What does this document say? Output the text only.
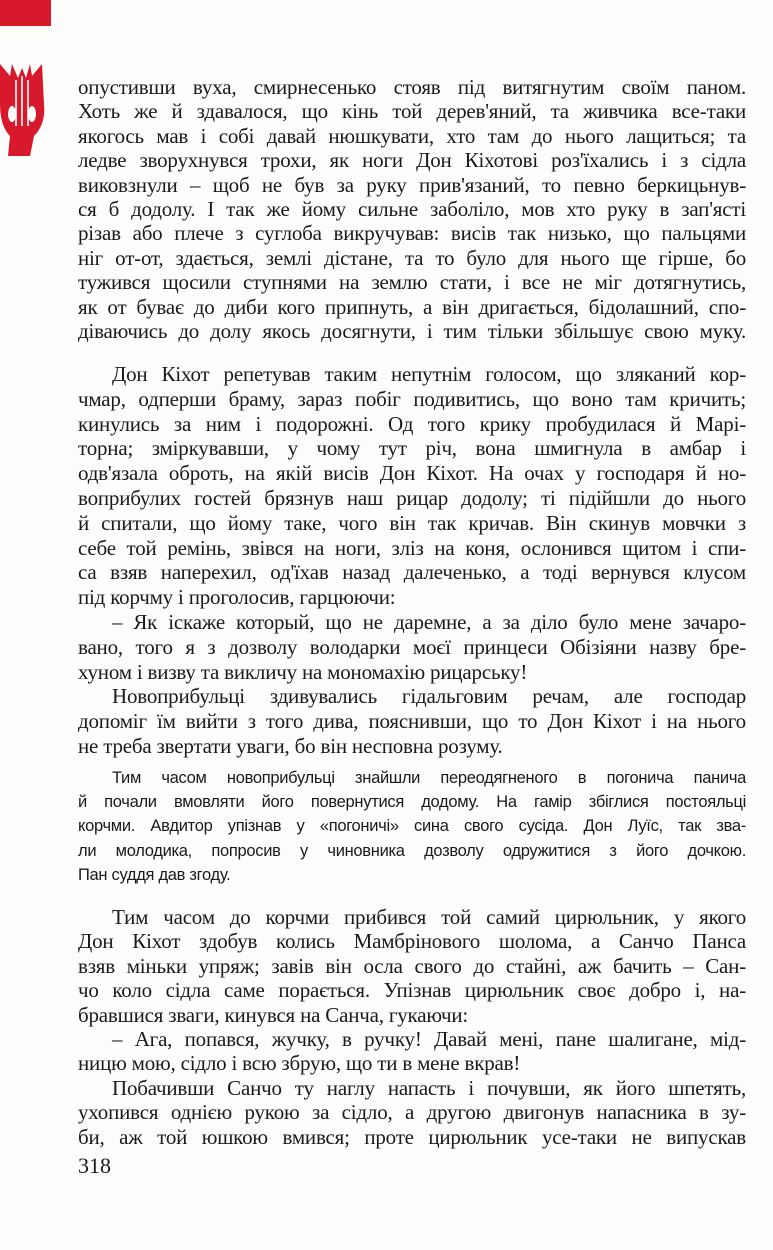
опустивши вуха, смирнесенько стояв під витягнутим своїм паном.
Хоть же й здавалося, що кінь той дерев'яний, та живчика все-таки
якогось мав і собі давай нюшкувати, хто там до нього лащиться; та
ледве зворухнувся трохи, як ноги Дон Кіхотові роз'їхались і з сідла
виковзнули – щоб не був за руку прив'язаний, то певно беркицьнув-
ся б додолу. І так же йому сильне заболіло, мов хто руку в зап'ясті
різав або плече з суглоба викручував: висів так низько, що пальцями
ніг от-от, здається, землі дістане, та то було для нього ще гірше, бо
тужився щосили ступнями на землю стати, і все не міг дотягнутись,
як от буває до диби кого припнуть, а він дригається, бідолашний, спо-
діваючись до долу якось досягнути, і тим тільки збільшує свою муку.
Дон Кіхот репетував таким непутнім голосом, що зляканий кор-
чмар, одперши браму, зараз побіг подивитись, що воно там кричить;
кинулись за ним і подорожні. Од того крику пробудилася й Марі-
торна; зміркувавши, у чому тут річ, вона шмигнула в амбар і
одв'язала оброть, на якій висів Дон Кіхот. На очах у господаря й но-
воприбулих гостей брязнув наш рицар додолу; ті підійшли до нього
й спитали, що йому таке, чого він так кричав. Він скинув мовчки з
себе той ремінь, звівся на ноги, зліз на коня, ослонився щитом і спи-
са взяв наперехил, од'їхав назад далеченько, а тоді вернувся клусом
під корчму і проголосив, гарцюючи:
– Як іскаже который, що не даремне, а за діло було мене зачаро-
вано, того я з дозволу володарки моєї принцеси Обізіяни назву бре-
хуном і визву та викличу на мономахію рицарську!
Новоприбульці здивувались гідальговим речам, але господар
допоміг їм вийти з того дива, пояснивши, що то Дон Кіхот і на нього
не треба звертати уваги, бо він несповна розуму.
Тим часом новоприбульці знайшли переодягненого в погонича панича
й почали вмовляти його повернутися додому. На гамір збіглися постояльці
корчми. Авдитор упізнав у «погоничі» сина свого сусіда. Дон Луїс, так зва-
ли молодика, попросив у чиновника дозволу одружитися з його дочкою.
Пан суддя дав згоду.
Тим часом до корчми прибився той самий цирюльник, у якого
Дон Кіхот здобув колись Мамбрінового шолома, а Санчо Панса
взяв міньки упряж; завів він осла свого до стайні, аж бачить – Сан-
чо коло сідла саме порається. Упізнав цирюльник своє добро і, на-
бравшися зваги, кинувся на Санча, гукаючи:
– Ага, попався, жучку, в ручку! Давай мені, пане шалигане, мід-
ницю мою, сідло і всю збрую, що ти в мене вкрав!
Побачивши Санчо ту наглу напасть і почувши, як його шпетять,
ухопився однією рукою за сідло, а другою двигонув напасника в зу-
би, аж той юшкою вмився; проте цирюльник усе-таки не випускав
318
